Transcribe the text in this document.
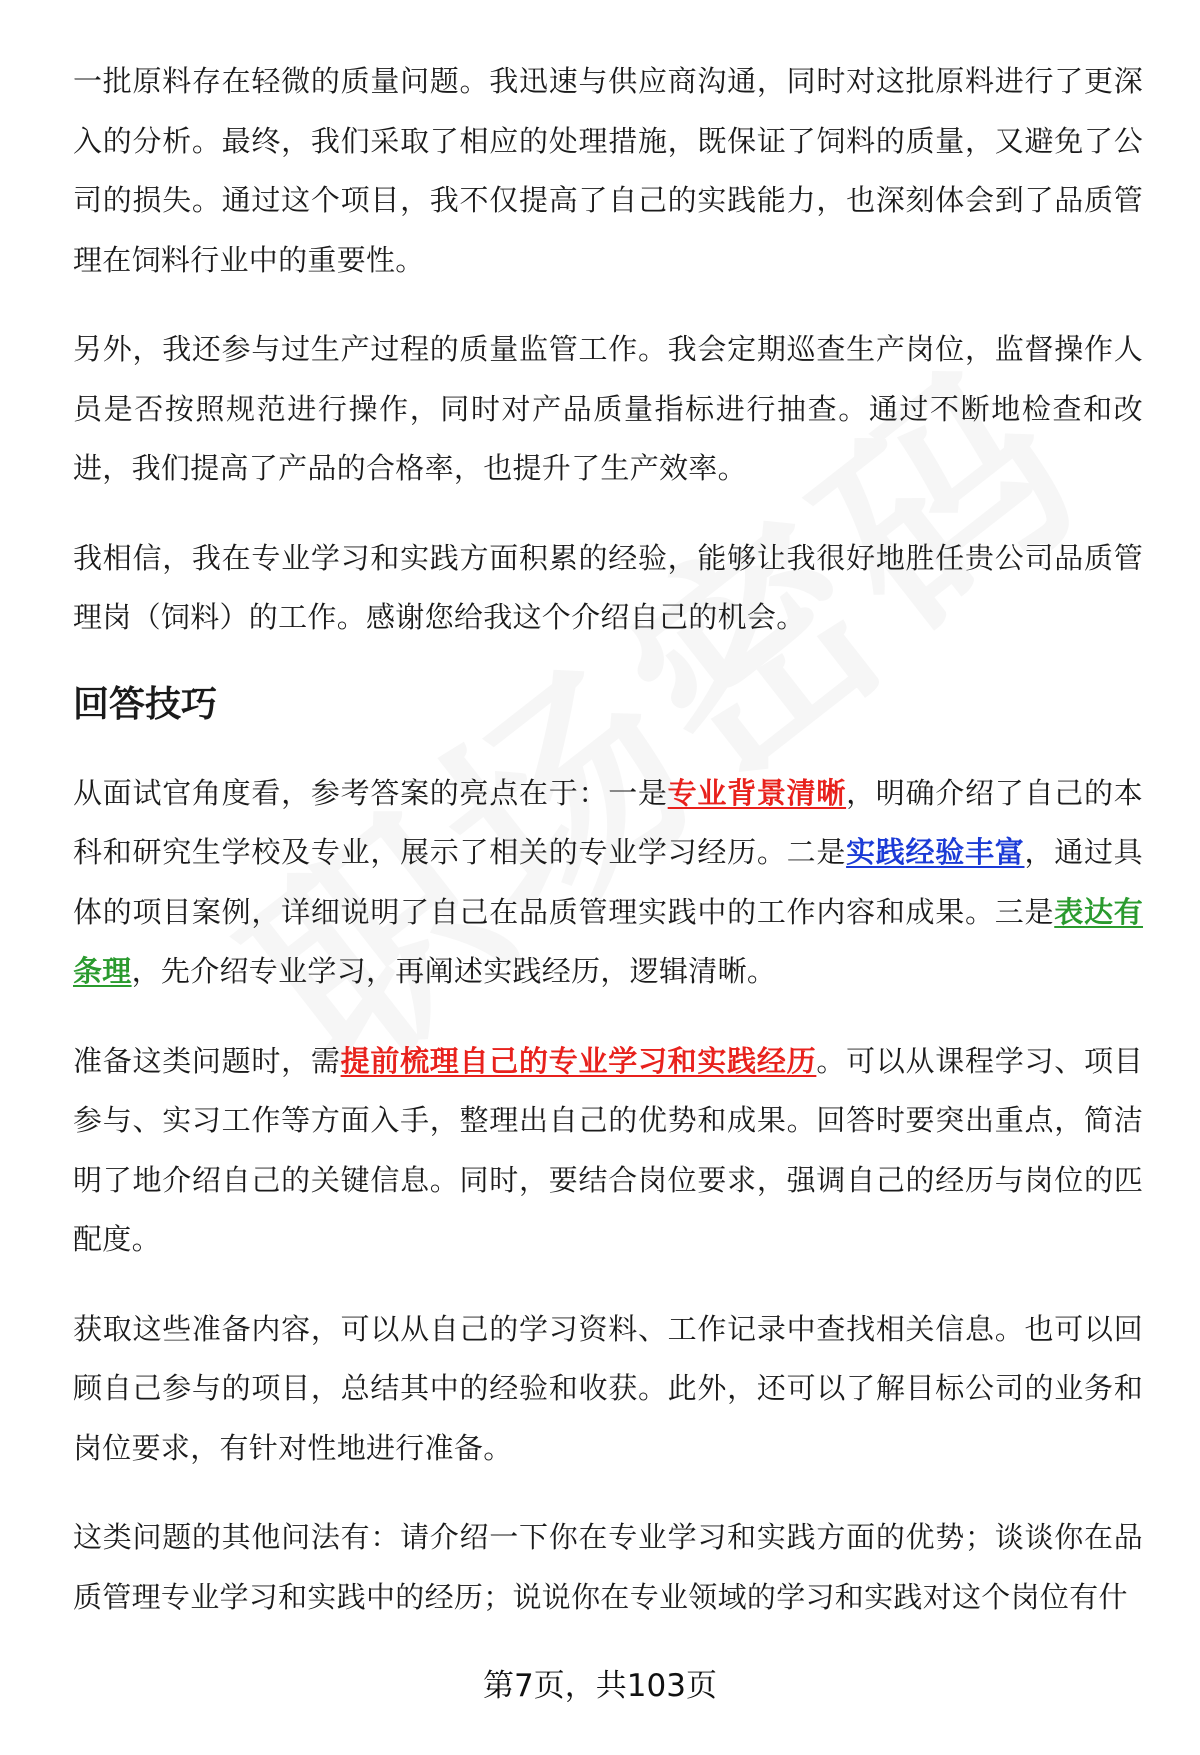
一批原料存在轻微的质量问题。我迅速与供应商沟通，同时对这批原料进行了更深入的分析。最终，我们采取了相应的处理措施，既保证了饲料的质量，又避免了公司的损失。通过这个项目，我不仅提高了自己的实践能力，也深刻体会到了品质管理在饲料行业中的重要性。

另外，我还参与过生产过程的质量监管工作。我会定期巡查生产岗位，监督操作人员是否按照规范进行操作，同时对产品质量指标进行抽查。通过不断地检查和改进，我们提高了产品的合格率，也提升了生产效率。

我相信，我在专业学习和实践方面积累的经验，能够让我很好地胜任贵公司品质管理岗（饲料）的工作。感谢您给我这个介绍自己的机会。

回答技巧

从面试官角度看，参考答案的亮点在于：一是专业背景清晰，明确介绍了自己的本科和研究生学校及专业，展示了相关的专业学习经历。二是实践经验丰富，通过具体的项目案例，详细说明了自己在品质管理实践中的工作内容和成果。三是表达有条理，先介绍专业学习，再阐述实践经历，逻辑清晰。

准备这类问题时，需提前梳理自己的专业学习和实践经历。可以从课程学习、项目参与、实习工作等方面入手，整理出自己的优势和成果。回答时要突出重点，简洁明了地介绍自己的关键信息。同时，要结合岗位要求，强调自己的经历与岗位的匹配度。

获取这些准备内容，可以从自己的学习资料、工作记录中查找相关信息。也可以回顾自己参与的项目，总结其中的经验和收获。此外，还可以了解目标公司的业务和岗位要求，有针对性地进行准备。

这类问题的其他问法有：请介绍一下你在专业学习和实践方面的优势；谈谈你在品质管理专业学习和实践中的经历；说说你在专业领域的学习和实践对这个岗位有什

第7页，共103页
